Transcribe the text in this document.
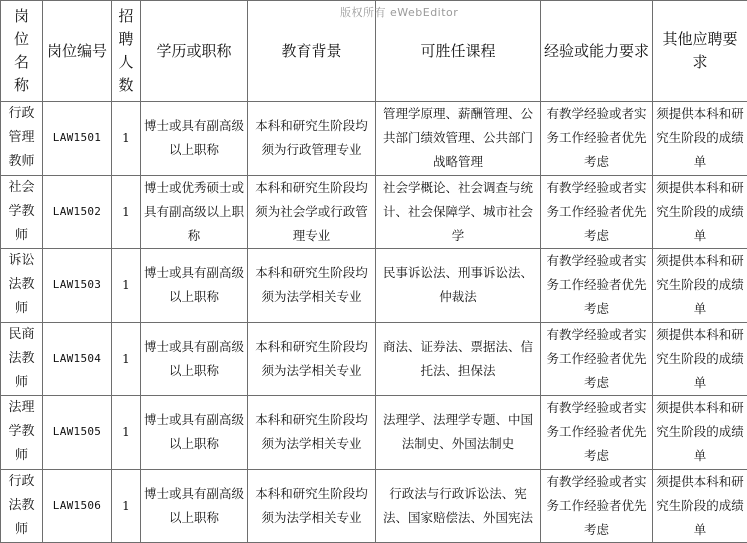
版权所有 eWebEditor
岗位名称	岗位编号	招聘人数	学历或职称	教育背景	可胜任课程	经验或能力要求	其他应聘要求

行政管理教师	LAW1501	1	博士或具有副高级以上职称	本科和研究生阶段均须为行政管理专业	管理学原理、薪酬管理、公共部门绩效管理、公共部门战略管理	有教学经验或者实务工作经验者优先考虑	须提供本科和研究生阶段的成绩单
社会学教师	LAW1502	1	博士或优秀硕士或具有副高级以上职称	本科和研究生阶段均须为社会学或行政管理专业	社会学概论、社会调查与统计、社会保障学、城市社会学	有教学经验或者实务工作经验者优先考虑	须提供本科和研究生阶段的成绩单
诉讼法教师	LAW1503	1	博士或具有副高级以上职称	本科和研究生阶段均须为法学相关专业	民事诉讼法、刑事诉讼法、仲裁法	有教学经验或者实务工作经验者优先考虑	须提供本科和研究生阶段的成绩单
民商法教师	LAW1504	1	博士或具有副高级以上职称	本科和研究生阶段均须为法学相关专业	商法、证券法、票据法、信托法、担保法	有教学经验或者实务工作经验者优先考虑	须提供本科和研究生阶段的成绩单
法理学教师	LAW1505	1	博士或具有副高级以上职称	本科和研究生阶段均须为法学相关专业	法理学、法理学专题、中国法制史、外国法制史	有教学经验或者实务工作经验者优先考虑	须提供本科和研究生阶段的成绩单
行政法教师	LAW1506	1	博士或具有副高级以上职称	本科和研究生阶段均须为法学相关专业	行政法与行政诉讼法、宪法、国家赔偿法、外国宪法	有教学经验或者实务工作经验者优先考虑	须提供本科和研究生阶段的成绩单
